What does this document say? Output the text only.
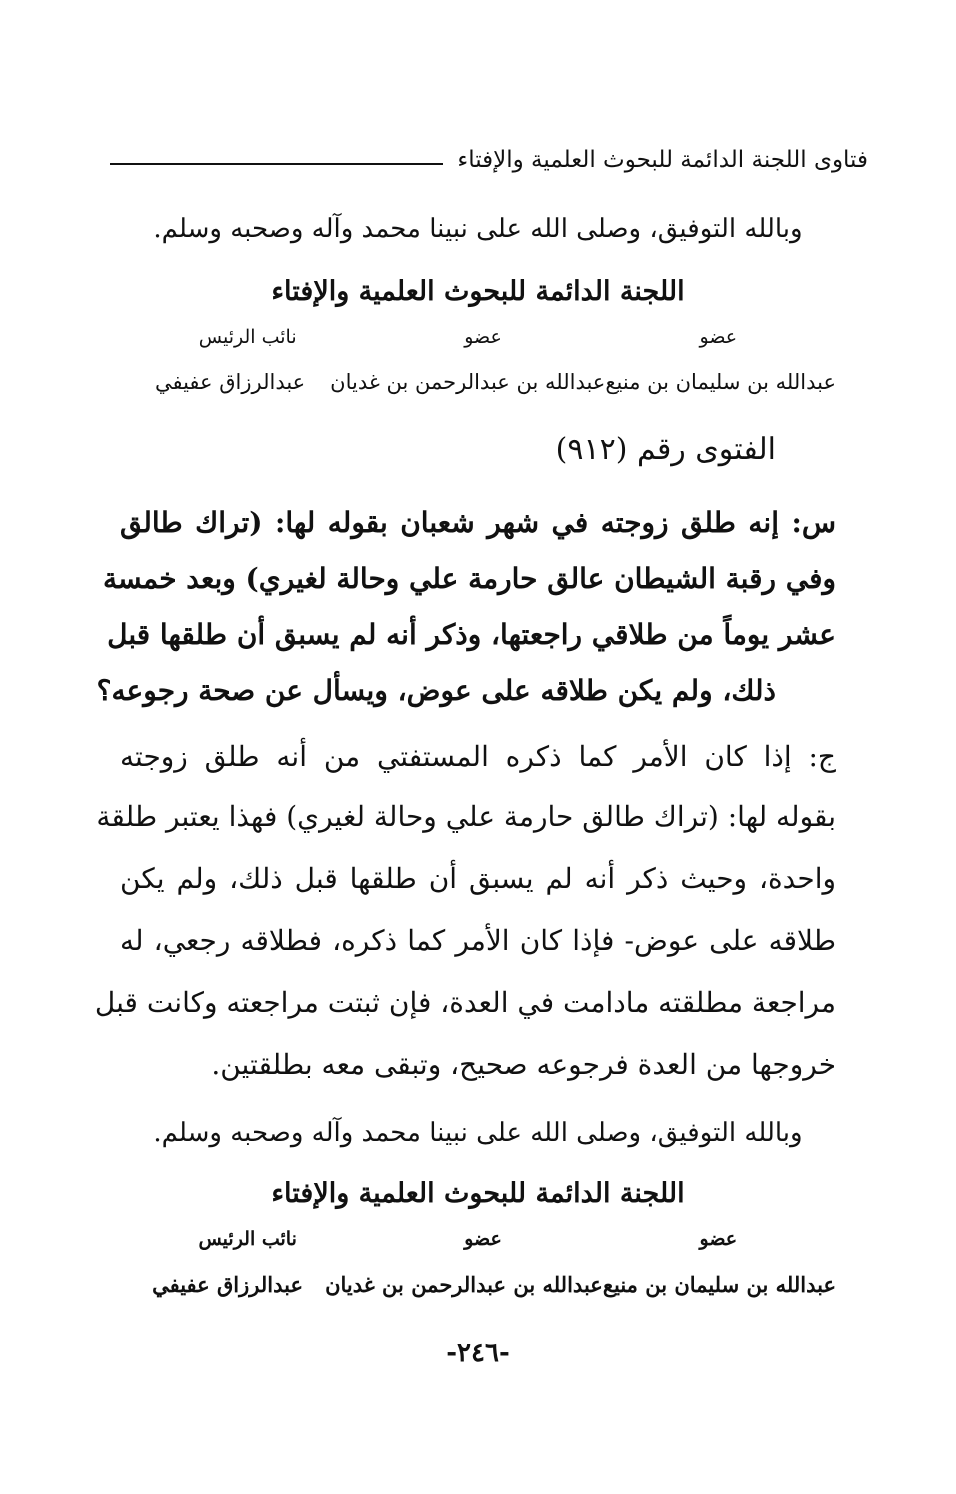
فتاوى اللجنة الدائمة للبحوث العلمية والإفتاء
وبالله التوفيق، وصلى الله على نبينا محمد وآله وصحبه وسلم.
اللجنة الدائمة للبحوث العلمية والإفتاء
عضو
عضو
نائب الرئيس
عبدالله بن سليمان بن منيع
عبدالله بن عبدالرحمن بن غديان
عبدالرزاق عفيفي
الفتوى رقم (٩١٢)
س: إنه طلق زوجته في شهر شعبان بقوله لها: (تراك طالق
وفي رقبة الشيطان عالق حارمة علي وحالة لغيري) وبعد خمسة
عشر يوماً من طلاقي راجعتها، وذكر أنه لم يسبق أن طلقها قبل
ذلك، ولم يكن طلاقه على عوض، ويسأل عن صحة رجوعه؟
ج: إذا كان الأمر كما ذكره المستفتي من أنه طلق زوجته
بقوله لها: (تراك طالق حارمة علي وحالة لغيري) فهذا يعتبر طلقة
واحدة، وحيث ذكر أنه لم يسبق أن طلقها قبل ذلك، ولم يكن
طلاقه على عوض- فإذا كان الأمر كما ذكره، فطلاقه رجعي، له
مراجعة مطلقته مادامت في العدة، فإن ثبتت مراجعته وكانت قبل
خروجها من العدة فرجوعه صحيح، وتبقى معه بطلقتين.
وبالله التوفيق، وصلى الله على نبينا محمد وآله وصحبه وسلم.
اللجنة الدائمة للبحوث العلمية والإفتاء
عضو
عضو
نائب الرئيس
عبدالله بن سليمان بن منيع
عبدالله بن عبدالرحمن بن غديان
عبدالرزاق عفيفي
-٢٤٦-
